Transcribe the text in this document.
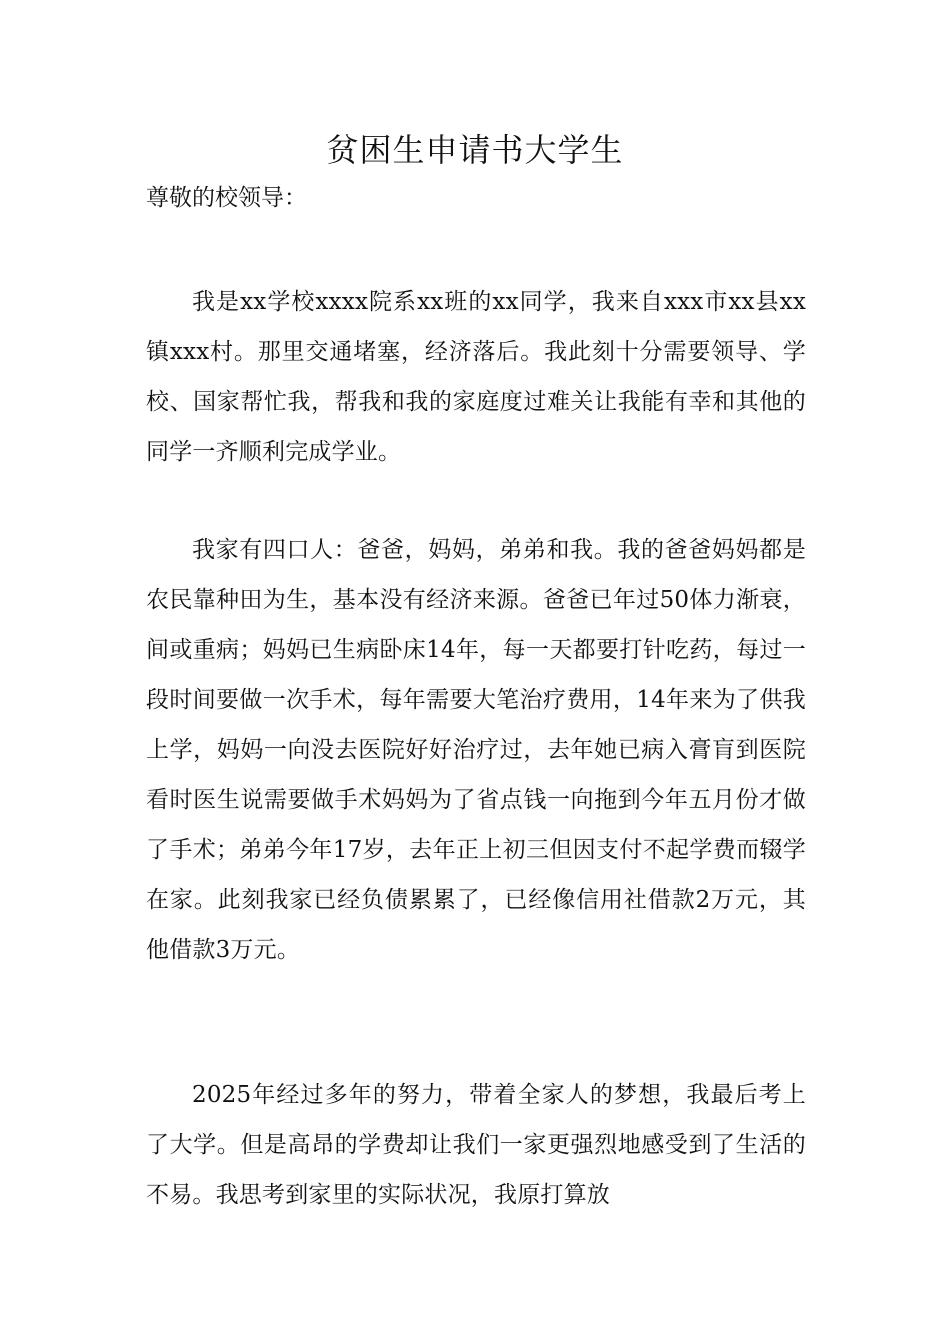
贫困生申请书大学生
尊敬的校领导：

我是xx学校xxxx院系xx班的xx同学，我来自xxx市xx县xx镇xxx村。那里交通堵塞，经济落后。我此刻十分需要领导、学校、国家帮忙我，帮我和我的家庭度过难关让我能有幸和其他的同学一齐顺利完成学业。

我家有四口人：爸爸，妈妈，弟弟和我。我的爸爸妈妈都是农民靠种田为生，基本没有经济来源。爸爸已年过50体力渐衰，间或重病；妈妈已生病卧床14年，每一天都要打针吃药，每过一段时间要做一次手术，每年需要大笔治疗费用，14年来为了供我上学，妈妈一向没去医院好好治疗过，去年她已病入膏肓到医院看时医生说需要做手术妈妈为了省点钱一向拖到今年五月份才做了手术；弟弟今年17岁，去年正上初三但因支付不起学费而辍学在家。此刻我家已经负债累累了，已经像信用社借款2万元，其他借款3万元。

2025年经过多年的努力，带着全家人的梦想，我最后考上了大学。但是高昂的学费却让我们一家更强烈地感受到了生活的不易。我思考到家里的实际状况，我原打算放
